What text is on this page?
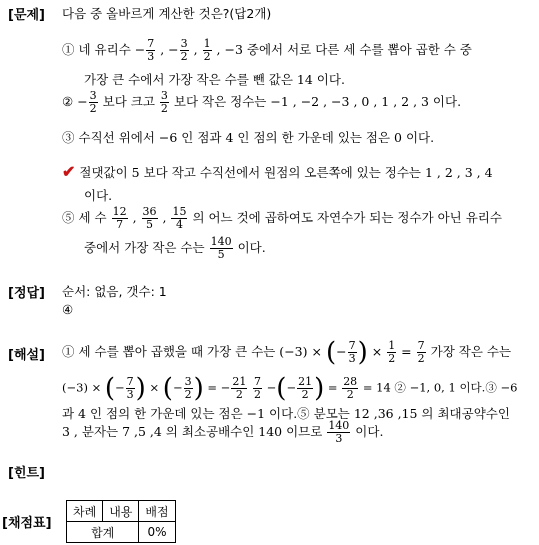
[문제] 다음 중 올바르게 계산한 것은?(답2개)
① 네 유리수 − $\frac{7}{3}$ , − $\frac{3}{2}$ , $\frac{1}{2}$ , −3 중에서 서로 다른 세 수를 뽑아 곱한 수 중
가장 큰 수에서 가장 작은 수를 뺀 값은 14 이다.
② − $\frac{3}{2}$ 보다 크고 $\frac{3}{2}$ 보다 작은 정수는 −1 , −2 , −3 , 0 , 1 , 2 , 3 이다.
③ 수직선 위에서 −6 인 점과 4 인 점의 한 가운데 있는 점은 0 이다.
✔ 절댓값이 5 보다 작고 수직선에서 원점의 오른쪽에 있는 정수는 1 , 2 , 3 , 4
이다.
⑤ 세 수 $\frac{12}{7}$ , $\frac{36}{5}$ , $\frac{15}{4}$ 의 어느 것에 곱하여도 자연수가 되는 정수가 아닌 유리수
중에서 가장 작은 수는 $\frac{140}{5}$ 이다.
[정답] 순서: 없음, 갯수: 1
④
[해설] ① 세 수를 뽑아 곱했을 때 가장 큰 수는 (−3) × (− $\frac{7}{3}$ ) × $\frac{1}{2} = \frac{7}{2}$ 가장 작은 수는
(−3) × (− $\frac{7}{3}$ ) × (− $\frac{3}{2}$ ) = − $\frac{21}{2}$
$\frac{7}{2}$ −(− $\frac{21}{2}$ ) = $\frac{28}{2} = 14$ ② −1, 0, 1 이다.③ −6
과 4 인 점의 한 가운데 있는 점은 −1 이다.⑤ 분모는 12 ,36 ,15 의 최대공약수인
3 , 분자는 7 ,5 ,4 의 최소공배수인 140 이므로 $\frac{140}{3}$ 이다.
[힌트]
[채점표]
차례	내용	배점
합계		0%
